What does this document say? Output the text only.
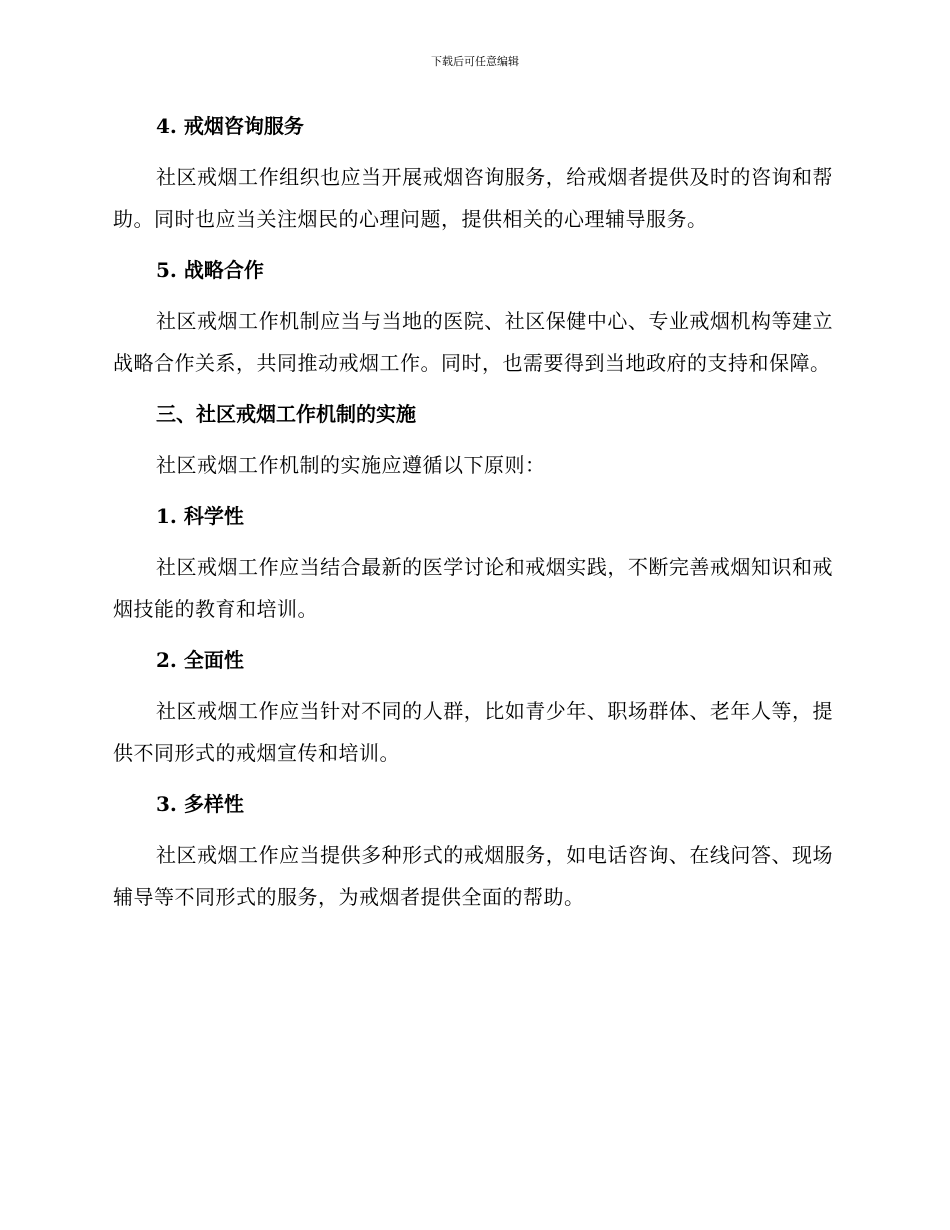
下载后可任意编辑
4. 戒烟咨询服务
社区戒烟工作组织也应当开展戒烟咨询服务，给戒烟者提供及时的咨询和帮助。同时也应当关注烟民的心理问题，提供相关的心理辅导服务。
5. 战略合作
社区戒烟工作机制应当与当地的医院、社区保健中心、专业戒烟机构等建立战略合作关系，共同推动戒烟工作。同时，也需要得到当地政府的支持和保障。
三、社区戒烟工作机制的实施
社区戒烟工作机制的实施应遵循以下原则：
1. 科学性
社区戒烟工作应当结合最新的医学讨论和戒烟实践，不断完善戒烟知识和戒烟技能的教育和培训。
2. 全面性
社区戒烟工作应当针对不同的人群，比如青少年、职场群体、老年人等，提供不同形式的戒烟宣传和培训。
3. 多样性
社区戒烟工作应当提供多种形式的戒烟服务，如电话咨询、在线问答、现场辅导等不同形式的服务，为戒烟者提供全面的帮助。
